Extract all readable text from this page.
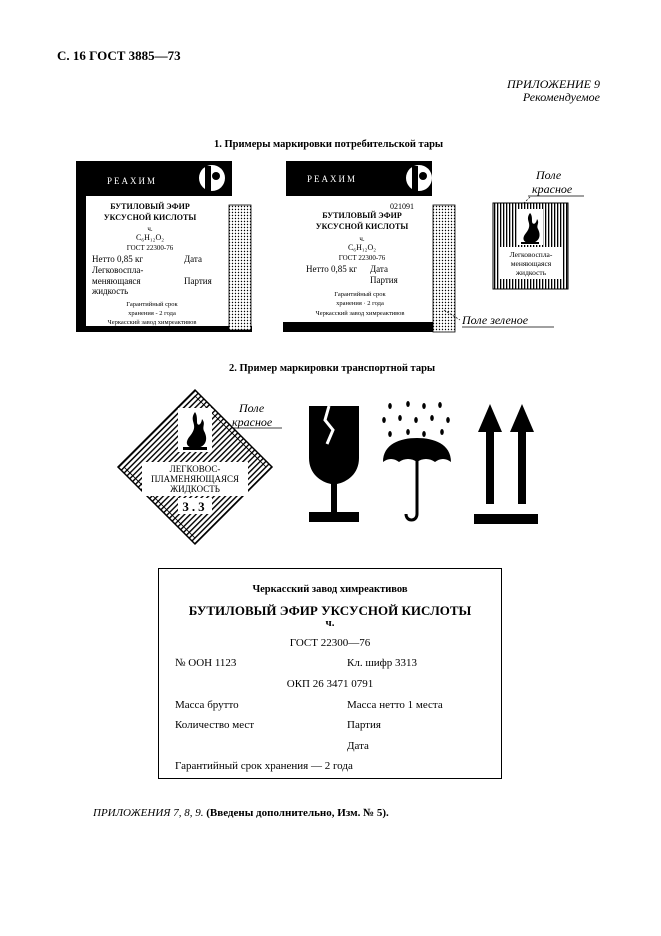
С. 16 ГОСТ 3885—73
ПРИЛОЖЕНИЕ 9
Рекомендуемое
1. Примеры маркировки потребительской тары
РЕАХИМ
БУТИЛОВЫЙ ЭФИР
УКСУСНОЙ КИСЛОТЫ
ч.
C₆H₁₂O₂
ГОСТ 22300-76
Нетто 0,85 кг	Дата
Легковоспла-
меняющаяся	Партия
жидкость
Гарантийный срок
хранения - 2 года
Черкасский завод химреактивов
РЕАХИМ
021091
БУТИЛОВЫЙ ЭФИР
УКСУСНОЙ КИСЛОТЫ
ч.
C₆H₁₂O₂
ГОСТ 22300-76
Нетто 0,85 кг Дата
Партия
Гарантийный срок
хранения · 2 года
Черкасский завод химреактивов	Поле зеленое
Поле
красное
Легковоспла-
меняющаяся
жидкость
2. Пример маркировки транспортной тары
Поле
красное
ЛЕГКОВОС-
ПЛАМЕНЯЮЩАЯСЯ
ЖИДКОСТЬ
3.3
Черкасский завод химреактивов
БУТИЛОВЫЙ ЭФИР УКСУСНОЙ КИСЛОТЫ
ч.
ГОСТ 22300—76
№ ООН 1123	Кл. шифр 3313
ОКП 26 3471 0791
Масса брутто	Масса нетто 1 места
Количество мест	Партия
Дата
Гарантийный срок хранения — 2 года
ПРИЛОЖЕНИЯ 7, 8, 9. (Введены дополнительно, Изм. № 5).
